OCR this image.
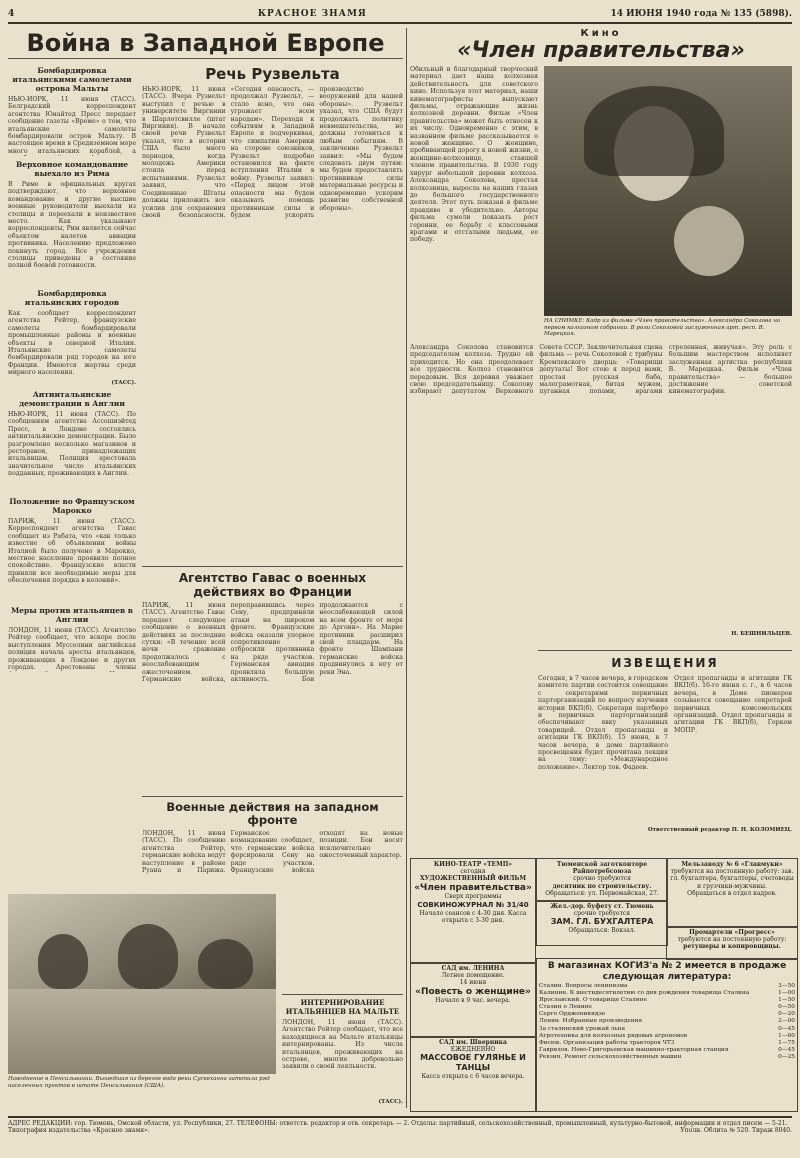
4	КРАСНОЕ ЗНАМЯ	14 ИЮНЯ 1940 года № 135 (5898).
Война в Западной Европе
Бомбардировка итальянскими самолетами острова Мальты

НЬЮ-ЙОРК, 11 июня (ТАСС). Белградский корреспондент агентства Юнайтед Пресс передает сообщение газеты «Време» о том, что итальянские самолеты бомбардировали остров Мальту. В настоящее время в Средиземном море много итальянских кораблей, а

Верховное командование выехало из Рима

В Риме в официальных кругах подтверждают, что верховное командование и другие высшие военные руководители выехали из столицы и переехали в неизвестное место. Как указывают корреспонденты, Рим является сейчас объектом налетов авиации противника. Населению предложено покинуть город. Все учреждения столицы приведены в состояние полной боевой готовности.

Бомбардировка итальянских городов

Как сообщает корреспондент агентства Рейтер, французские самолеты бомбардировали промышленные районы и военные объекты в северной Италии. Итальянские самолеты бомбардировали ряд городов на юге Франции. Имеются жертвы среди мирного населения.

(ТАСС).
Антиитальянские демонстрации в Англии

НЬЮ-ЙОРК, 11 июня (ТАСС). По сообщениям агентства Ассошиэйтед Пресс, в Лондоне состоялись антиитальянские демонстрации. Было разгромлено несколько магазинов и ресторанов, принадлежащих итальянцам. Полиция арестовала значительное число итальянских подданных, проживающих в Англии.

Положение во Французском Марокко

ПАРИЖ, 11 июня (ТАСС). Корреспондент агентства Гавас сообщает из Рабата, что «как только известие об объявлении войны Италией было получено в Марокко, местное население проявило полное спокойствие. Французские власти приняли все необходимые меры для обеспечения порядка в колонии».

Меры против итальянцев в Англии

ЛОНДОН, 11 июня (ТАСС). Агентство Рейтер сообщает, что вскоре после выступления Муссолини английская полиция начала аресты итальянцев, проживающих в Лондоне и других городах. Арестованы члены

Речь Рузвельта

НЬЮ-ЙОРК, 11 июня (ТАСС). Вчера Рузвельт выступил с речью в университете Виргинии в Шарлотсвилле (штат Виргиния). В начале своей речи Рузвельт указал, что в истории США было много периодов, когда молодежь Америки стояла перед испытаниями. Рузвельт заявил, что Соединенные Штаты должны приложить все усилия для сохранения своей безопасности. «Сегодня опасность, — продолжал Рузвельт, — стало ясно, что она угрожает всем народам». Переходя к событиям в Западной Европе и подчеркивая, что симпатии Америки на стороне союзников, Рузвельт подробно остановился на факте вступления Италии в войну. Рузвельт заявил: «Перед лицом этой опасности мы будем оказывать помощь противникам силы и будем ускорять производство вооружений для нашей обороны». Рузвельт указал, что США будут продолжать политику невмешательства, но должны готовиться к любым событиям. В заключение Рузвельт заявил: «Мы будем следовать двум путям: мы будем предоставлять противникам силы материальные ресурсы и одновременно ускорим развитие собственной обороны».

Агентство Гавас о военных действиях во Франции

ПАРИЖ, 11 июня (ТАСС). Агентство Гавас передает следующее сообщение о военных действиях за последние сутки: «В течение всей ночи сражение продолжалось с неослабевающим ожесточением. Германские войска, переправившись через Сену, предприняли атаки на широком фронте. Французские войска оказали упорное сопротивление и отбросили противника на ряде участков. Германская авиация проявляла большую активность. Бои продолжаются с неослабевающей силой на всем фронте от моря до Аргонн». На Марне противник расширил свой плацдарм. На фронте Шампани германские войска продвинулись к югу от реки Эна.

Военные действия на западном фронте

ЛОНДОН, 11 июня (ТАСС). По сообщению агентства Рейтер, германские войска ведут наступление в районе Руана и Парижа. Германское командование сообщает, что германские войска форсировали Сену на ряде участков. Французские войска отходят на новые позиции. Бои носят исключительно ожесточенный характер.

Наводнение в Пенсильвании. Вышедшая из берегов вода реки Сускеханна затопила ряд населенных пунктов в штате Пенсильвания (США).
ИНТЕРНИРОВАНИЕ ИТАЛЬЯНЦЕВ НА МАЛЬТЕ

ЛОНДОН, 11 июня (ТАСС). Агентство Рейтер сообщает, что все находящиеся на Мальте итальянцы интернированы. Из числа итальянцев, проживающих на острове, многие добровольно заявили о своей лояльности.

(ТАСС).
Кино
«Член правительства»

Обильный и благодарный творческий материал дает наша колхозная действительность для советского кино. Используя этот материал, наши кинематографисты выпускают фильмы, отражающие жизнь колхозной деревни. Фильм «Член правительства» может быть отнесен к их числу. Одновременно с этим, в названном фильме рассказывается о новой женщине. О женщине, пробивающей дорогу к новой жизни, о женщине-колхознице, ставшей членом правительства. В 1930 году хирург небольшой деревни колхоза. Александра Соколова, простая колхозница, выросла на наших глазах до большого государственного деятеля. Этот путь показан в фильме правдиво и убедительно. Авторы фильма сумели показать рост героини, ее борьбу с классовыми врагами и отсталыми людьми, ее победу.

НА СНИМКЕ: Кадр из фильма «Член правительства». Александра Соколова на первом колхозном собрании. В роли Соколовой заслуженная арт. респ. В. Марецкая.

Александра Соколова становится председателем колхоза. Трудно ей приходится. Но она преодолевает все трудности. Колхоз становится передовым. Вся деревня уважает свою председательницу. Соколову избирают депутатом Верховного Совета СССР. Заключительная сцена фильма — речь Соколовой с трибуны Кремлевского дворца: «Товарищи депутаты! Вот стою я перед вами, простая русская баба, малограмотная, битая мужем, пуганная попами, врагами стреленная, живучая». Эту роль с большим мастерством исполняет заслуженная артистка республики В. Марецкая. Фильм «Член правительства» — большое достижение советской кинематографии.

Н. БЕШНИЛЬЦЕВ.
ИЗВЕЩЕНИЯ

Сегодня, в 7 часов вечера, в городском комитете партии состоится совещание с секретарями первичных парторганизаций по вопросу изучения истории ВКП(б). Секретари партбюро и первичных парторганизаций обеспечивают явку указанных товарищей. Отдел пропаганды и агитации ГК ВКП(б). 15 июня, в 7 часов вечера, в доме партийного просвещения будет прочитана лекция на тему: «Международное положение». Лектор тов. Фадеев.

Отдел пропаганды и агитации ГК ВКП(б). 16-го июня с. г., в 6 часов вечера, в Доме пионеров созывается совещание секретарей первичных комсомольских организаций. Отдел пропаганды и агитации ГК ВКП(б), Горком МОПР.

Ответственный редактор П. Н. КОЛОМИЕЦ.
КИНО-ТЕАТР «ТЕМП»
сегодня
ХУДОЖЕСТВЕННЫЙ ФИЛЬМ
«Член правительства»
Сверх программы
СОВКИНОЖУРНАЛ № 31/40
Начало сеансов с 4-30 дня. Касса открыта с 3-30 дня.
САД им. ЛЕНИНА
Летнее помещение.
14 июня
«Повесть о женщине»
Начало в 9 час. вечера.
САД им. Шверника
ЕЖЕДНЕВНО
МАССОВОЕ ГУЛЯНЬЕ И ТАНЦЫ
Касса открыта с 6 часов вечера.
Тюменской заготконторе Райпотребсоюза
срочно требуются
десятник по строительству.
Обращаться: ул. Первомайская, 27.
Жел.-дор. буфету ст. Тюмень
срочно требуется
ЗАМ. ГЛ. БУХГАЛТЕРА
Обращаться: Вокзал.
Мельзаводу № 6 «Главмуки»
требуются на постоянную работу: зав. гл. бухгалтера, бухгалтеры, счетоводы и грузчики-мужчины.
Обращаться в отдел кадров.
Промартели «Прогресс»
требуются на постоянную работу:

ретушеры и копировщицы.
В магазинах КОГИЗ'а № 2 имеется в продаже следующая литература:
Сталин. Вопросы ленинизма	3—50
Калинин. К шестидесятилетию со дня рождения товарища Сталина	1—00
Ярославский. О товарище Сталине	1—50
Сталин о Ленине	0—50
Серго Орджоникидзе	0—20
Ленин. Избранные произведения	2—00
За сталинский урожай льна	0—45
Агротехника для колхозных рядовых агрономов	1—60
Фисюк. Организация работы тракторов ЧТЗ	1—75
Гаврилов. Ново-Григорьевская машинно-тракторная станция	0—45
Ревзин. Ремонт сельскохозяйственных машин	0—25
АДРЕС РЕДАКЦИИ: гор. Тюмень, Омской области, ул. Республики, 27. ТЕЛЕФОНЫ: ответств. редактор и отв. секретарь — 2. Отделы: партийный, сельскохозяйственный, промышленный, культурно-бытовой, информации и отдел писем — 5-21. Типография издательства «Красное знамя».	Уполн. Облита № 520. Тираж 8040.
